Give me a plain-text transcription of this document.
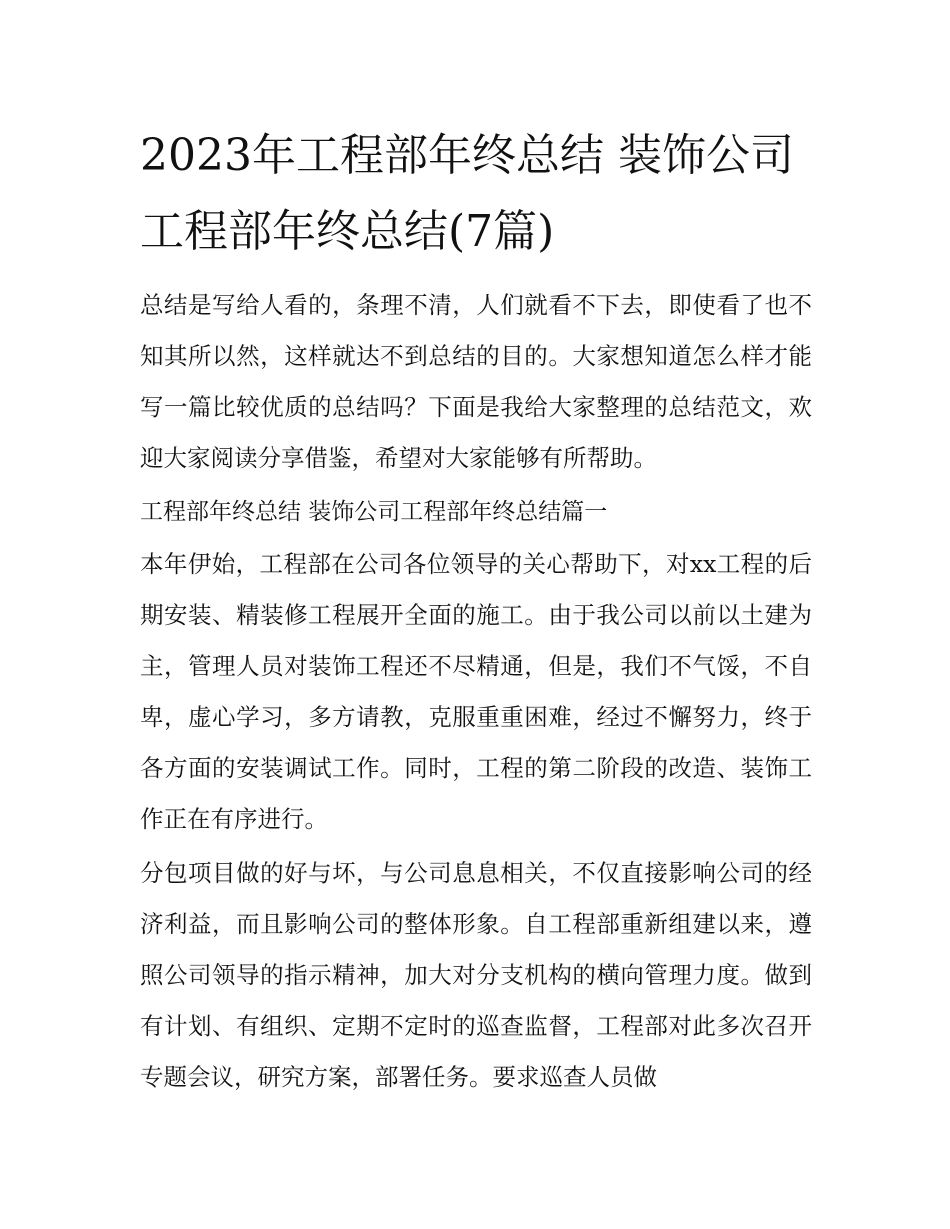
2023年工程部年终总结 装饰公司工程部年终总结(7篇)

总结是写给人看的，条理不清，人们就看不下去，即使看了也不知其所以然，这样就达不到总结的目的。大家想知道怎么样才能写一篇比较优质的总结吗？下面是我给大家整理的总结范文，欢迎大家阅读分享借鉴，希望对大家能够有所帮助。

工程部年终总结 装饰公司工程部年终总结篇一

本年伊始，工程部在公司各位领导的关心帮助下，对xx工程的后期安装、精装修工程展开全面的施工。由于我公司以前以土建为主，管理人员对装饰工程还不尽精通，但是，我们不气馁，不自卑，虚心学习，多方请教，克服重重困难，经过不懈努力，终于各方面的安装调试工作。同时，工程的第二阶段的改造、装饰工作正在有序进行。

分包项目做的好与坏，与公司息息相关，不仅直接影响公司的经济利益，而且影响公司的整体形象。自工程部重新组建以来，遵照公司领导的指示精神，加大对分支机构的横向管理力度。做到有计划、有组织、定期不定时的巡查监督，工程部对此多次召开专题会议，研究方案，部署任务。要求巡查人员做
